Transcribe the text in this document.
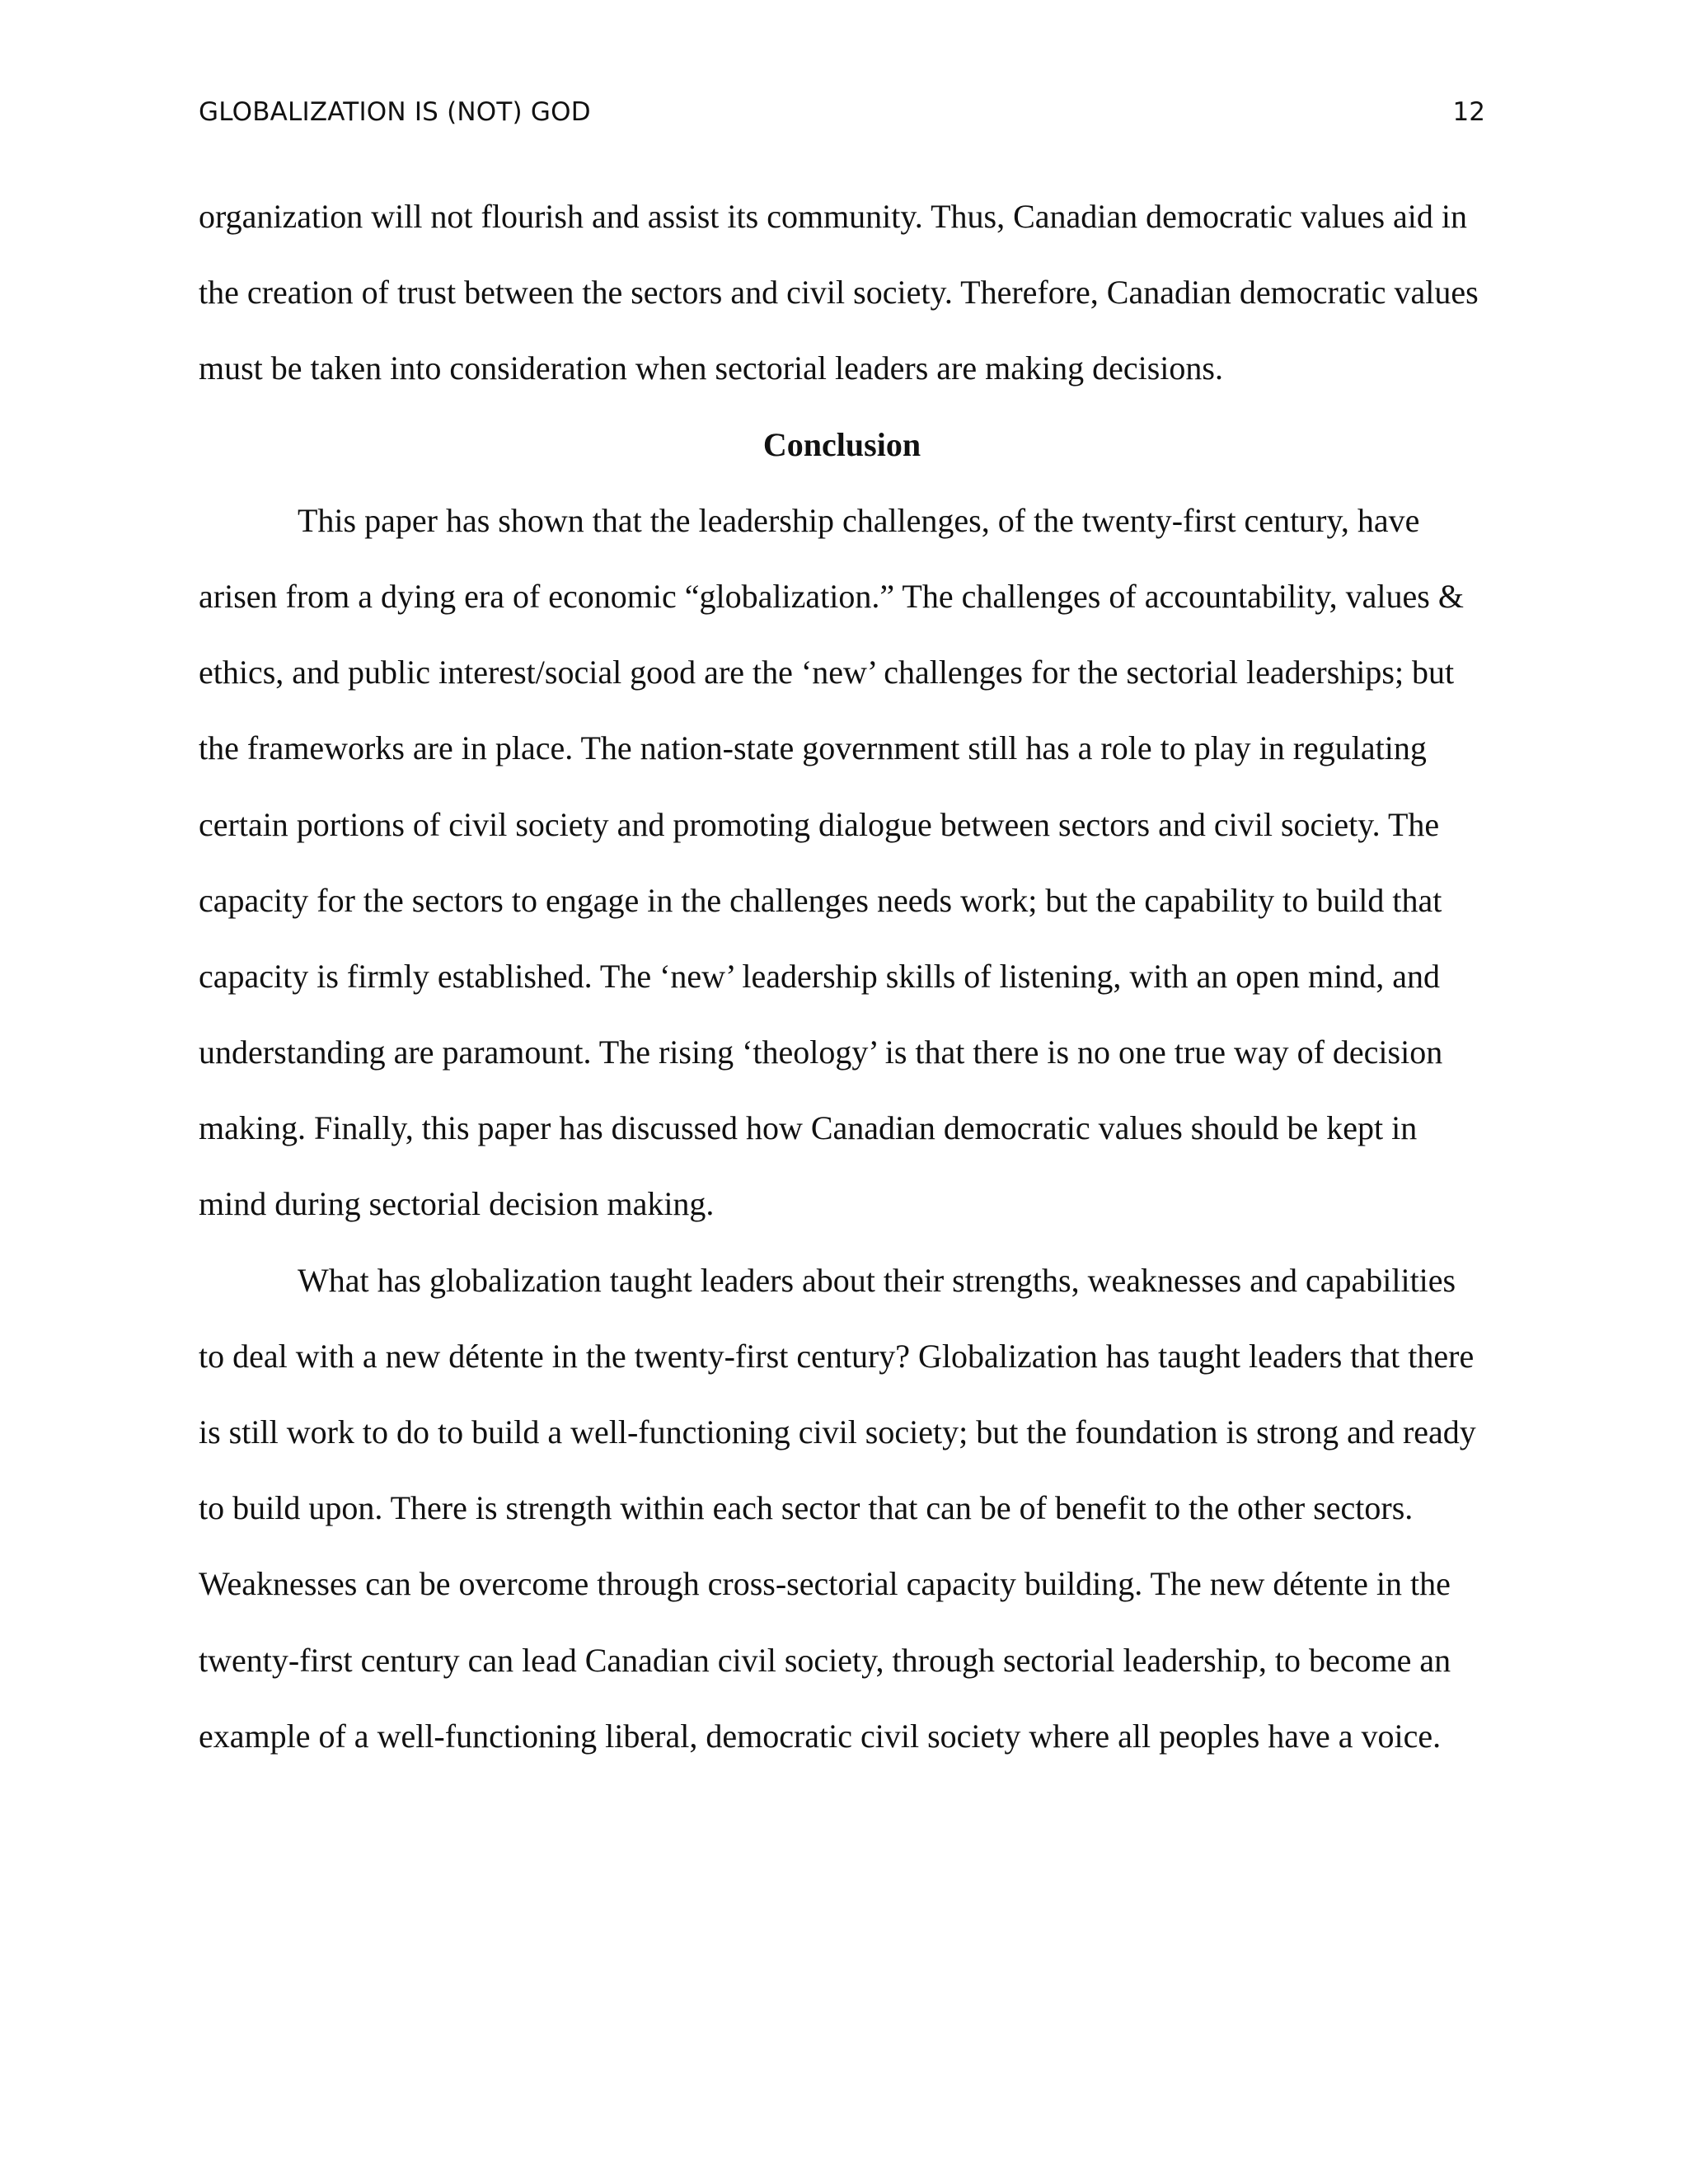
GLOBALIZATION IS (NOT) GOD	12
organization will not flourish and assist its community. Thus, Canadian democratic values aid in
the creation of trust between the sectors and civil society. Therefore, Canadian democratic values
must be taken into consideration when sectorial leaders are making decisions.
Conclusion
This paper has shown that the leadership challenges, of the twenty-first century, have
arisen from a dying era of economic “globalization.” The challenges of accountability, values &
ethics, and public interest/social good are the ‘new’ challenges for the sectorial leaderships; but
the frameworks are in place. The nation-state government still has a role to play in regulating
certain portions of civil society and promoting dialogue between sectors and civil society. The
capacity for the sectors to engage in the challenges needs work; but the capability to build that
capacity is firmly established. The ‘new’ leadership skills of listening, with an open mind, and
understanding are paramount. The rising ‘theology’ is that there is no one true way of decision
making. Finally, this paper has discussed how Canadian democratic values should be kept in
mind during sectorial decision making.
What has globalization taught leaders about their strengths, weaknesses and capabilities
to deal with a new détente in the twenty-first century? Globalization has taught leaders that there
is still work to do to build a well-functioning civil society; but the foundation is strong and ready
to build upon. There is strength within each sector that can be of benefit to the other sectors.
Weaknesses can be overcome through cross-sectorial capacity building. The new détente in the
twenty-first century can lead Canadian civil society, through sectorial leadership, to become an
example of a well-functioning liberal, democratic civil society where all peoples have a voice.
